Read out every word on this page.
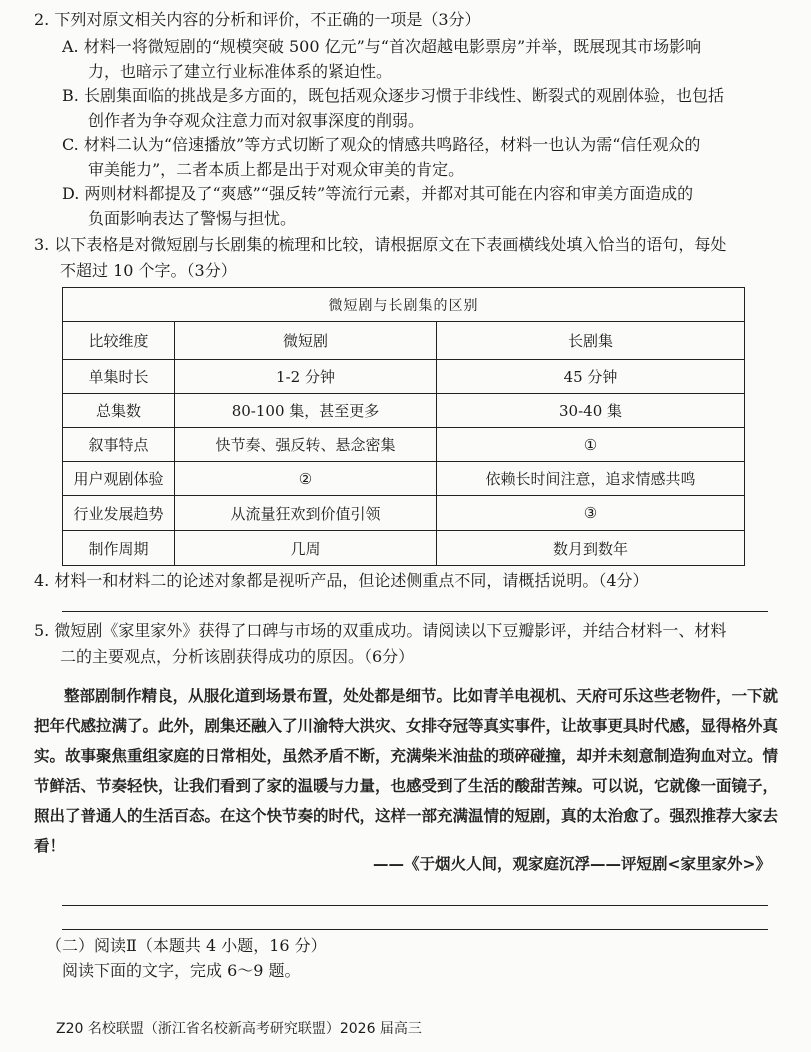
2. 下列对原文相关内容的分析和评价，不正确的一项是（3分）
A. 材料一将微短剧的“规模突破 500 亿元”与“首次超越电影票房”并举，既展现其市场影响
力，也暗示了建立行业标准体系的紧迫性。
B. 长剧集面临的挑战是多方面的，既包括观众逐步习惯于非线性、断裂式的观剧体验，也包括
创作者为争夺观众注意力而对叙事深度的削弱。
C. 材料二认为“倍速播放”等方式切断了观众的情感共鸣路径，材料一也认为需“信任观众的
审美能力”，二者本质上都是出于对观众审美的肯定。
D. 两则材料都提及了“爽感”“强反转”等流行元素，并都对其可能在内容和审美方面造成的
负面影响表达了警惕与担忧。
3. 以下表格是对微短剧与长剧集的梳理和比较，请根据原文在下表画横线处填入恰当的语句，每处
不超过 10 个字。（3分）
微短剧与长剧集的区别		
比较维度	微短剧	长剧集
单集时长	1-2 分钟	45 分钟
总集数	80-100 集，甚至更多	30-40 集
叙事特点	快节奏、强反转、悬念密集	①
用户观剧体验	②	依赖长时间注意，追求情感共鸣
行业发展趋势	从流量狂欢到价值引领	③
制作周期	几周	数月到数年
4. 材料一和材料二的论述对象都是视听产品，但论述侧重点不同，请概括说明。（4分）
5. 微短剧《家里家外》获得了口碑与市场的双重成功。请阅读以下豆瓣影评，并结合材料一、材料
二的主要观点，分析该剧获得成功的原因。（6分）
整部剧制作精良，从服化道到场景布置，处处都是细节。比如青羊电视机、天府可乐这些老物件，一下就把年代感拉满了。此外，剧集还融入了川渝特大洪灾、女排夺冠等真实事件，让故事更具时代感，显得格外真实。故事聚焦重组家庭的日常相处，虽然矛盾不断，充满柴米油盐的琐碎碰撞，却并未刻意制造狗血对立。情节鲜活、节奏轻快，让我们看到了家的温暖与力量，也感受到了生活的酸甜苦辣。可以说，它就像一面镜子，照出了普通人的生活百态。在这个快节奏的时代，这样一部充满温情的短剧，真的太治愈了。强烈推荐大家去看！
——《于烟火人间，观家庭沉浮——评短剧<家里家外>》
（二）阅读Ⅱ（本题共 4 小题，16 分）
阅读下面的文字，完成 6～9 题。
Z20 名校联盟（浙江省名校新高考研究联盟）2026 届高三
